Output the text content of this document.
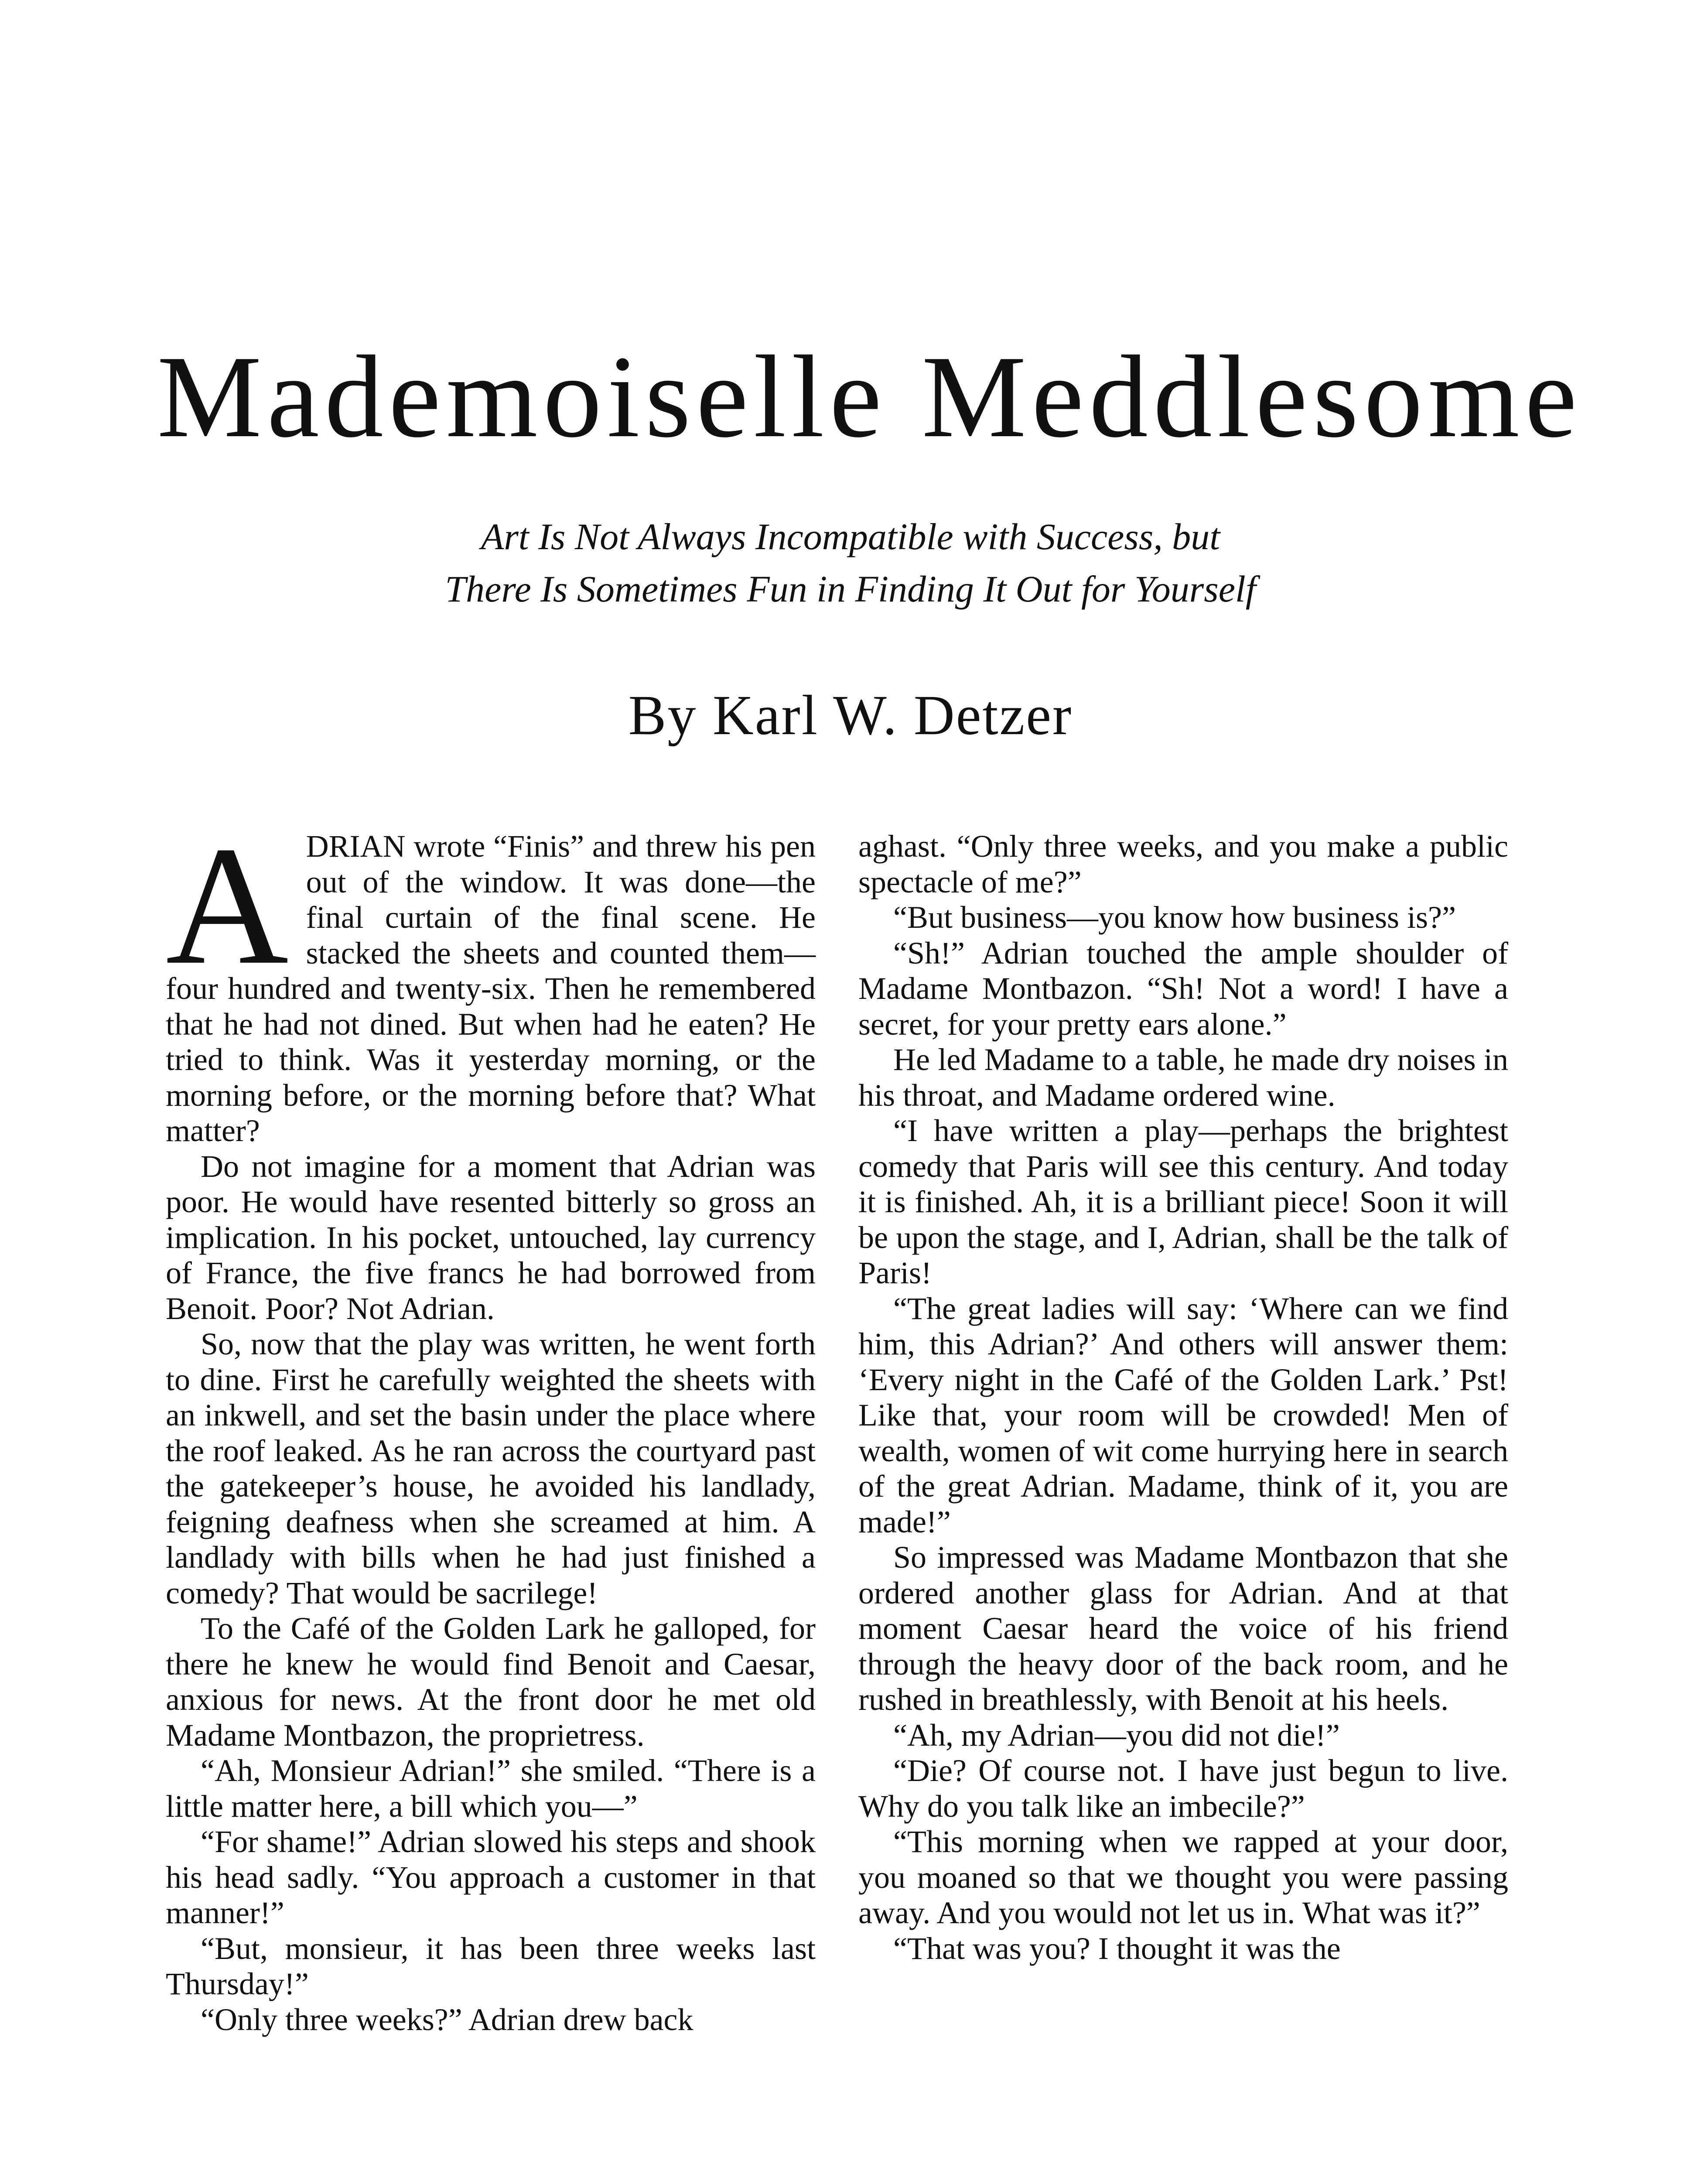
Mademoiselle Meddlesome
Art Is Not Always Incompatible with Success, but
There Is Sometimes Fun in Finding It Out for Yourself
By Karl W. Detzer

ADRIAN wrote “Finis” and threw his pen out of the window. It was done—the final curtain of the final scene. He stacked the sheets and counted them—four hundred and twenty-six. Then he remembered that he had not dined. But when had he eaten? He tried to think. Was it yesterday morning, or the morning before, or the morning before that? What matter?

Do not imagine for a moment that Adrian was poor. He would have resented bitterly so gross an implication. In his pocket, untouched, lay currency of France, the five francs he had borrowed from Benoit. Poor? Not Adrian.

So, now that the play was written, he went forth to dine. First he carefully weighted the sheets with an inkwell, and set the basin under the place where the roof leaked. As he ran across the courtyard past the gatekeeper’s house, he avoided his landlady, feigning deafness when she screamed at him. A landlady with bills when he had just finished a comedy? That would be sacrilege!

To the Café of the Golden Lark he galloped, for there he knew he would find Benoit and Caesar, anxious for news. At the front door he met old Madame Montbazon, the proprietress.

“Ah, Monsieur Adrian!” she smiled. “There is a little matter here, a bill which you—”

“For shame!” Adrian slowed his steps and shook his head sadly. “You approach a customer in that manner!”

“But, monsieur, it has been three weeks last Thursday!”

“Only three weeks?” Adrian drew back

aghast. “Only three weeks, and you make a public spectacle of me?”

“But business—you know how business is?”

“Sh!” Adrian touched the ample shoulder of Madame Montbazon. “Sh! Not a word! I have a secret, for your pretty ears alone.”

He led Madame to a table, he made dry noises in his throat, and Madame ordered wine.

“I have written a play—perhaps the brightest comedy that Paris will see this century. And today it is finished. Ah, it is a brilliant piece! Soon it will be upon the stage, and I, Adrian, shall be the talk of Paris!

“The great ladies will say: ‘Where can we find him, this Adrian?’ And others will answer them: ‘Every night in the Café of the Golden Lark.’ Pst! Like that, your room will be crowded! Men of wealth, women of wit come hurrying here in search of the great Adrian. Madame, think of it, you are made!”

So impressed was Madame Montbazon that she ordered another glass for Adrian. And at that moment Caesar heard the voice of his friend through the heavy door of the back room, and he rushed in breathlessly, with Benoit at his heels.

“Ah, my Adrian—you did not die!”

“Die? Of course not. I have just begun to live. Why do you talk like an imbecile?”

“This morning when we rapped at your door, you moaned so that we thought you were passing away. And you would not let us in. What was it?”

“That was you? I thought it was the
